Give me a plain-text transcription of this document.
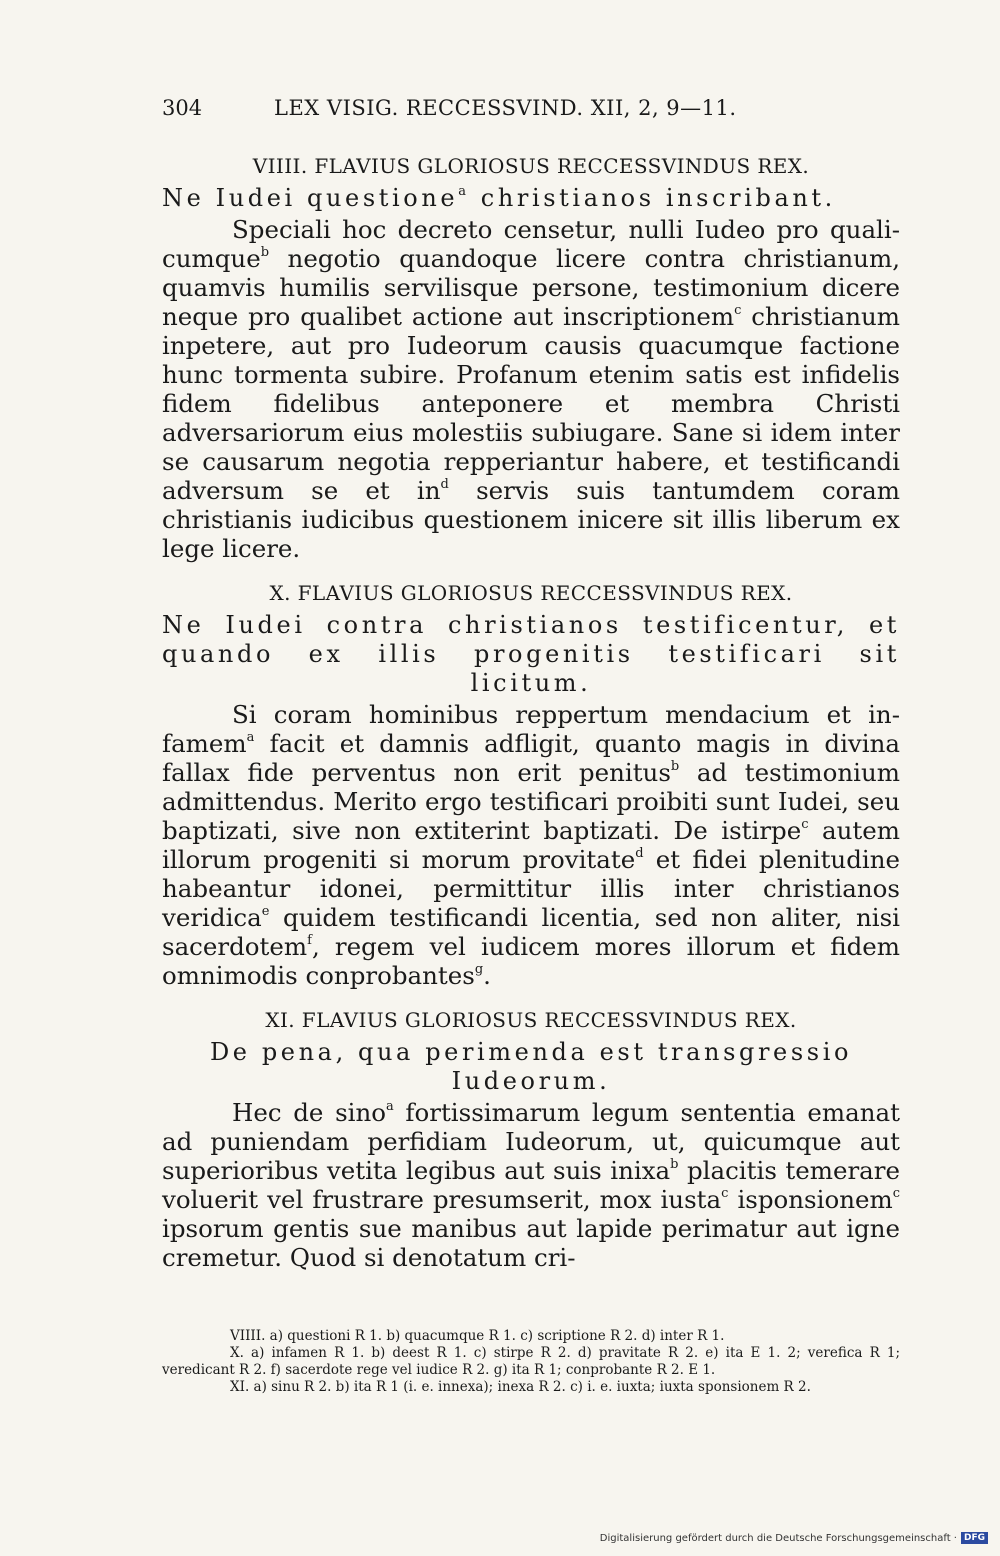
304	LEX VISIG. RECCESSVIND. XII, 2, 9—11.
VIIII. FLAVIUS GLORIOSUS RECCESSVINDUS REX.

Ne Iudei questione$^a$ christianos inscribant.

Speciali hoc decreto censetur, nulli Iudeo pro qualicumque$^b$ negotio quandoque licere contra christianum, quamvis humilis servilisque persone, testimonium dicere neque pro qualibet actione aut inscriptionem$^c$ christianum inpetere, aut pro Iudeorum causis quacumque factione hunc tormenta subire. Profanum etenim satis est infidelis fidem fidelibus anteponere et membra Christi adversariorum eius molestiis subiugare. Sane si idem inter se causarum negotia repperiantur habere, et testificandi adversum se et $in^d$ servis suis tantumdem coram christianis iudicibus questionem inicere sit illis liberum ex lege licere.

X. FLAVIUS GLORIOSUS RECCESSVINDUS REX.

Ne Iudei contra christianos testificentur, et quando ex illis progenitis testificari sit licitum.

Si coram hominibus reppertum mendacium et infamem$^a$ facit et damnis adfligit, quanto magis in divina fallax fide perventus non erit penitus$^b$ ad testimonium admittendus. Merito ergo testificari proibiti sunt Iudei, seu baptizati, sive non extiterint baptizati. De istirpe$^c$ autem illorum progeniti si morum provitate$^d$ et fidei plenitudine habeantur idonei, permittitur illis inter christianos veridica$^e$ quidem testificandi licentia, sed non aliter, nisi sacerdotem$^f$, regem vel iudicem mores illorum et fidem omnimodis conprobantes$^g$.

XI. FLAVIUS GLORIOSUS RECCESSVINDUS REX.

De pena, qua perimenda est transgressio
Iudeorum.

Hec de sino$^a$ fortissimarum legum sententia emanat ad puniendam perfidiam Iudeorum, ut, quicumque aut superioribus vetita legibus aut suis inixa$^b$ placitis temerare voluerit vel frustrare presumserit, mox iusta$^c$ isponsionem$^c$ ipsorum gentis sue manibus aut lapide perimatur aut igne cremetur. Quod si denotatum cri-

VIIII. a) questioni R 1. b) quacumque R 1. c) scriptione R 2. d) inter R 1.

X. a) infamen R 1. b) deest R 1. c) stirpe R 2. d) pravitate R 2. e) ita E 1. 2; verefica R 1; veredicant R 2. f) sacerdote rege vel iudice R 2. g) ita R 1; conprobante R 2. E 1.

XI. a) sinu R 2. b) ita R 1 (i. e. innexa); inexa R 2. c) i. e. iuxta; iuxta sponsionem R 2.

Digitalisierung gefördert durch die Deutsche Forschungsgemeinschaft · DFG
